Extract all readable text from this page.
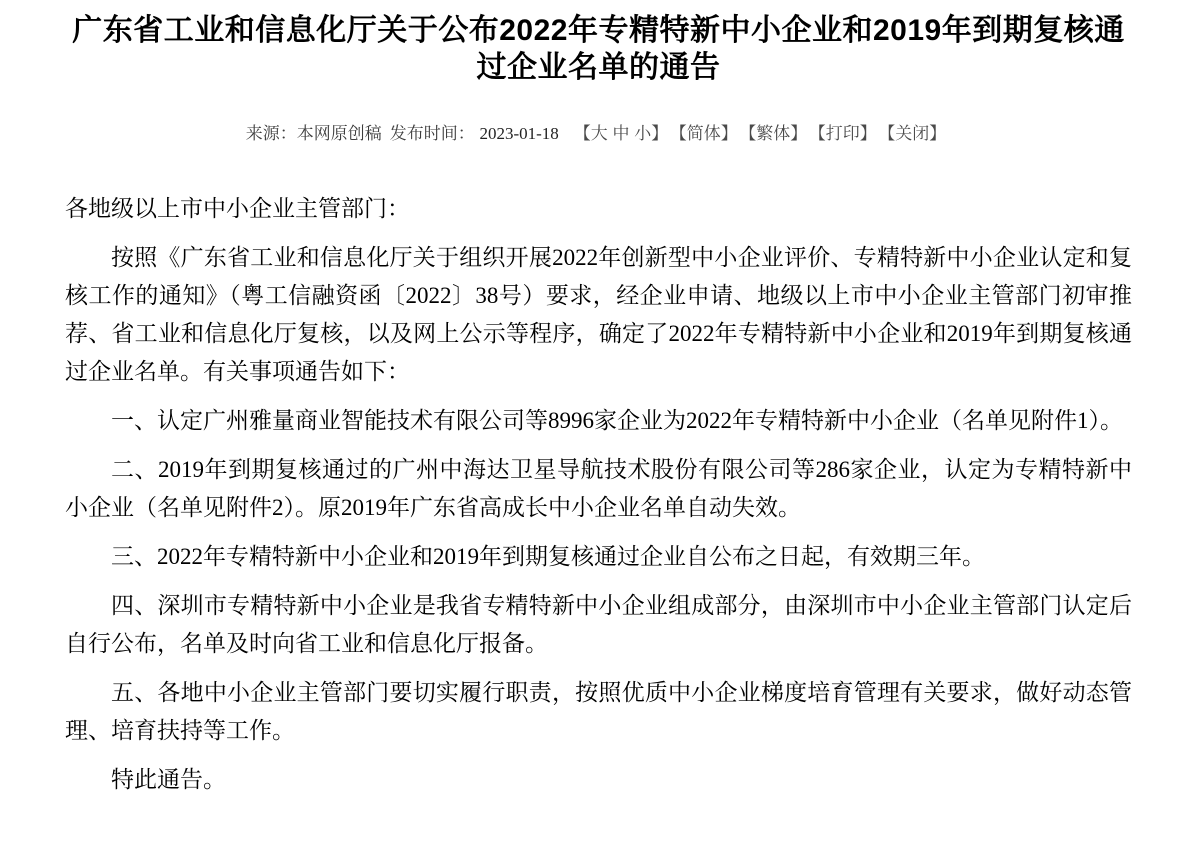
广东省工业和信息化厅关于公布2022年专精特新中小企业和2019年到期复核通过企业名单的通告
来源：本网原创稿 发布时间： 2023-01-18 【大 中 小】 【简体】 【繁体】 【打印】 【关闭】

各地级以上市中小企业主管部门：

按照《广东省工业和信息化厅关于组织开展2022年创新型中小企业评价、专精特新中小企业认定和复核工作的通知》（粤工信融资函〔2022〕38号）要求，经企业申请、地级以上市中小企业主管部门初审推荐、省工业和信息化厅复核，以及网上公示等程序，确定了2022年专精特新中小企业和2019年到期复核通过企业名单。有关事项通告如下：

一、认定广州雅量商业智能技术有限公司等8996家企业为2022年专精特新中小企业（名单见附件1）。

二、2019年到期复核通过的广州中海达卫星导航技术股份有限公司等286家企业，认定为专精特新中小企业（名单见附件2）。原2019年广东省高成长中小企业名单自动失效。

三、2022年专精特新中小企业和2019年到期复核通过企业自公布之日起，有效期三年。

四、深圳市专精特新中小企业是我省专精特新中小企业组成部分，由深圳市中小企业主管部门认定后自行公布，名单及时向省工业和信息化厅报备。

五、各地中小企业主管部门要切实履行职责，按照优质中小企业梯度培育管理有关要求，做好动态管理、培育扶持等工作。

特此通告。
